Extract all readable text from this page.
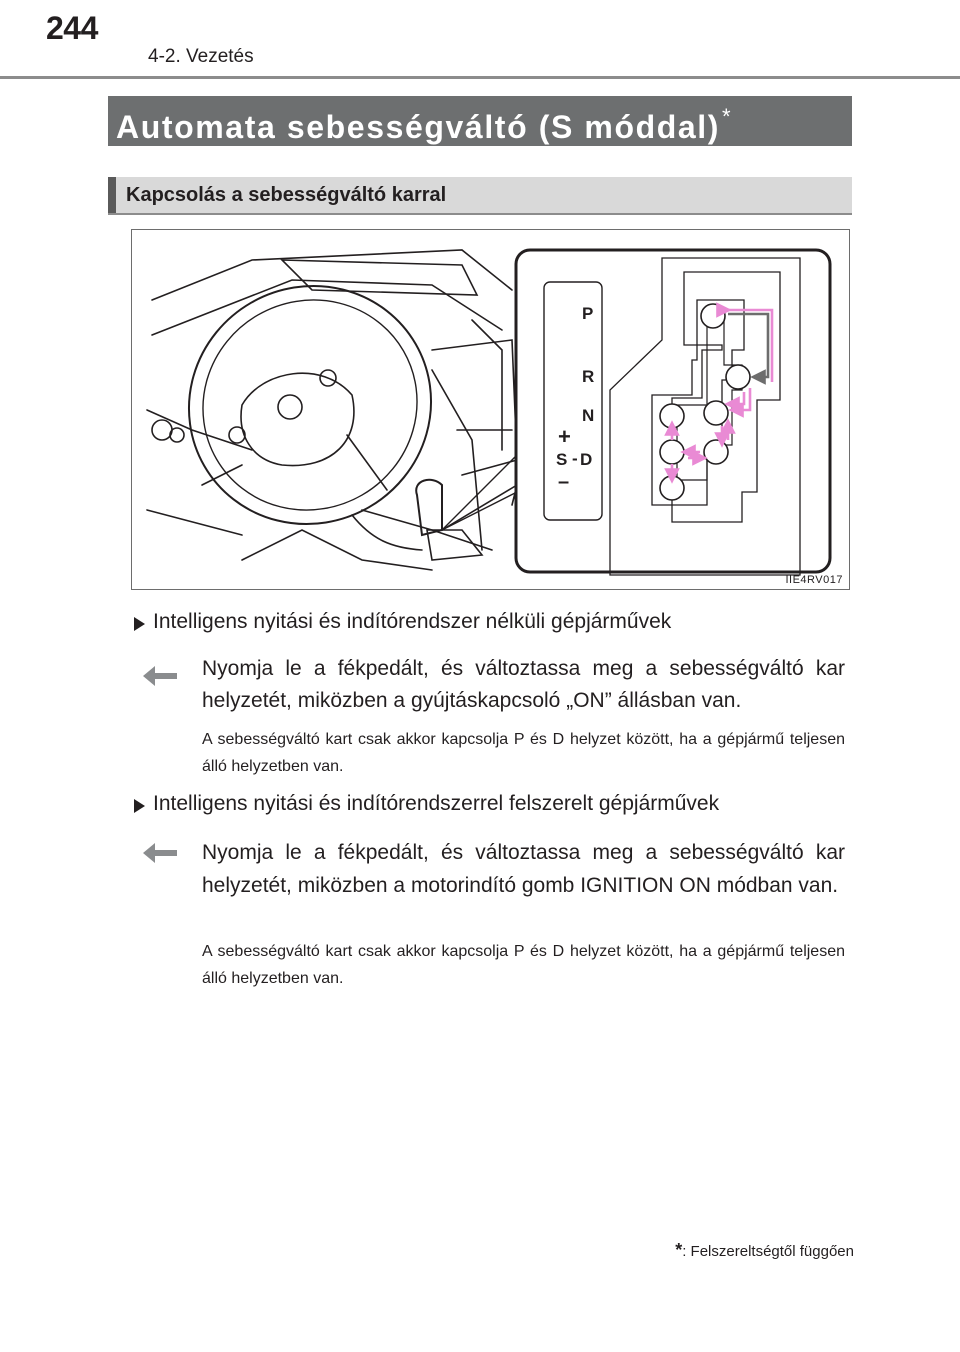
244
4-2. Vezetés
Automata sebességváltó (S móddal)*
Kapcsolás a sebességváltó karral
P
R
N
+
S - D
–
IIE4RV017
Intelligens nyitási és indítórendszer nélküli gépjárművek
Nyomja le a fékpedált, és változtassa meg a sebességváltó kar helyzetét, miközben a gyújtáskapcsoló „ON” állásban van.
A sebességváltó kart csak akkor kapcsolja P és D helyzet között, ha a gépjármű teljesen álló helyzetben van.
Intelligens nyitási és indítórendszerrel felszerelt gépjárművek
Nyomja le a fékpedált, és változtassa meg a sebességváltó kar helyzetét, miközben a motorindító gomb IGNITION ON módban van.
A sebességváltó kart csak akkor kapcsolja P és D helyzet között, ha a gépjármű teljesen álló helyzetben van.
*: Felszereltségtől függően
